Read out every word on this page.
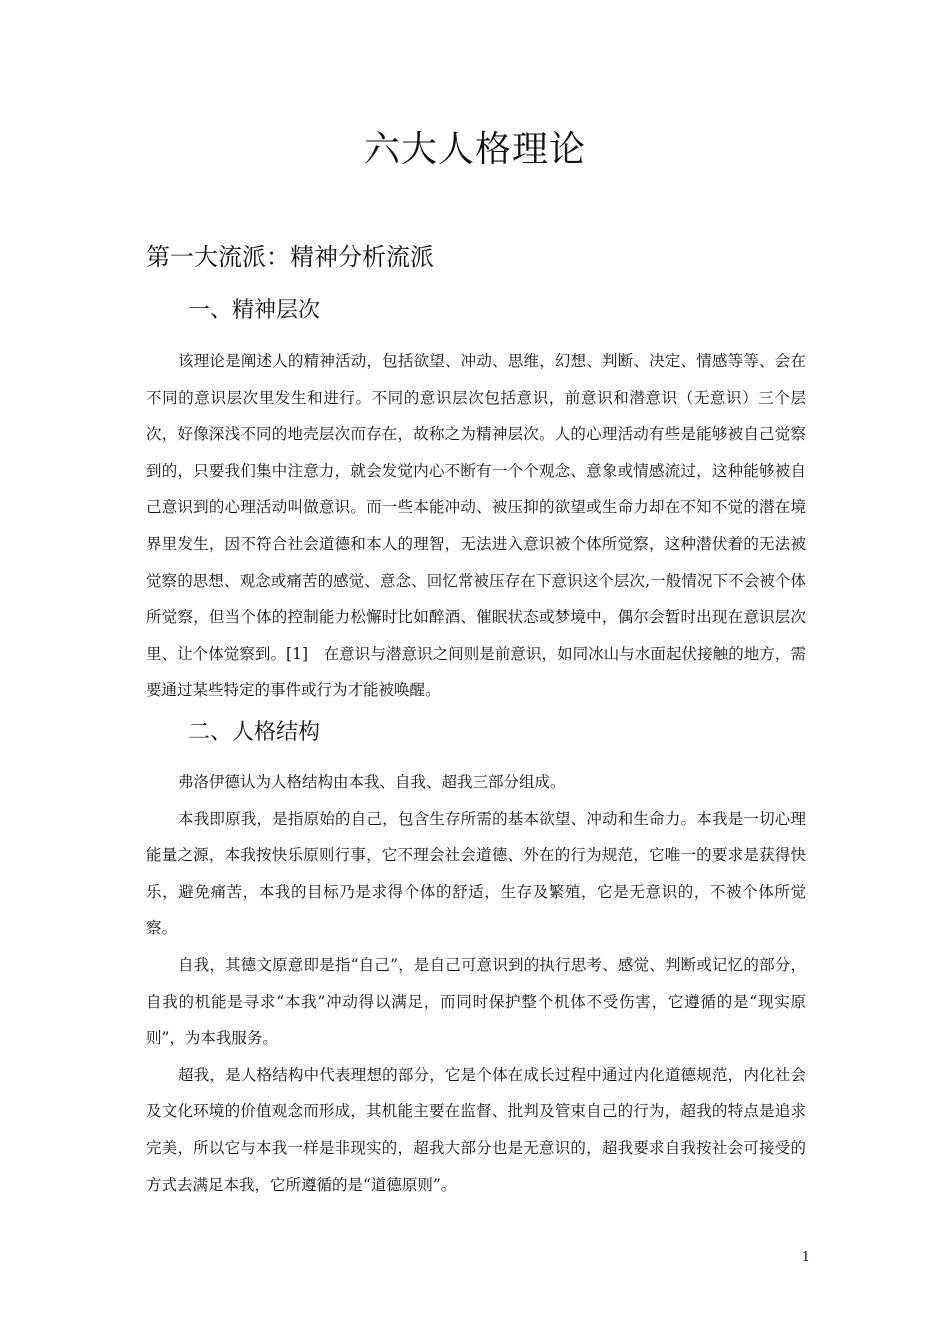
六大人格理论
第一大流派：精神分析流派
一、精神层次

该理论是阐述人的精神活动，包括欲望、冲动、思维，幻想、判断、决定、情感等等、会在不同的意识层次里发生和进行。不同的意识层次包括意识，前意识和潜意识（无意识）三个层次，好像深浅不同的地壳层次而存在，故称之为精神层次。人的心理活动有些是能够被自己觉察到的，只要我们集中注意力，就会发觉内心不断有一个个观念、意象或情感流过，这种能够被自己意识到的心理活动叫做意识。而一些本能冲动、被压抑的欲望或生命力却在不知不觉的潜在境界里发生，因不符合社会道德和本人的理智，无法进入意识被个体所觉察，这种潜伏着的无法被觉察的思想、观念或痛苦的感觉、意念、回忆常被压存在下意识这个层次,一般情况下不会被个体所觉察，但当个体的控制能力松懈时比如醉酒、催眠状态或梦境中，偶尔会暂时出现在意识层次里、让个体觉察到。[1]　在意识与潜意识之间则是前意识，如同冰山与水面起伏接触的地方，需要通过某些特定的事件或行为才能被唤醒。

二、人格结构

弗洛伊德认为人格结构由本我、自我、超我三部分组成。

本我即原我，是指原始的自己，包含生存所需的基本欲望、冲动和生命力。本我是一切心理能量之源，本我按快乐原则行事，它不理会社会道德、外在的行为规范，它唯一的要求是获得快乐，避免痛苦，本我的目标乃是求得个体的舒适，生存及繁殖，它是无意识的，不被个体所觉察。

自我，其德文原意即是指“自己”，是自己可意识到的执行思考、感觉、判断或记忆的部分，自我的机能是寻求“本我”冲动得以满足，而同时保护整个机体不受伤害，它遵循的是“现实原则”，为本我服务。

超我，是人格结构中代表理想的部分，它是个体在成长过程中通过内化道德规范，内化社会及文化环境的价值观念而形成，其机能主要在监督、批判及管束自己的行为，超我的特点是追求完美，所以它与本我一样是非现实的，超我大部分也是无意识的，超我要求自我按社会可接受的方式去满足本我，它所遵循的是“道德原则”。

1
